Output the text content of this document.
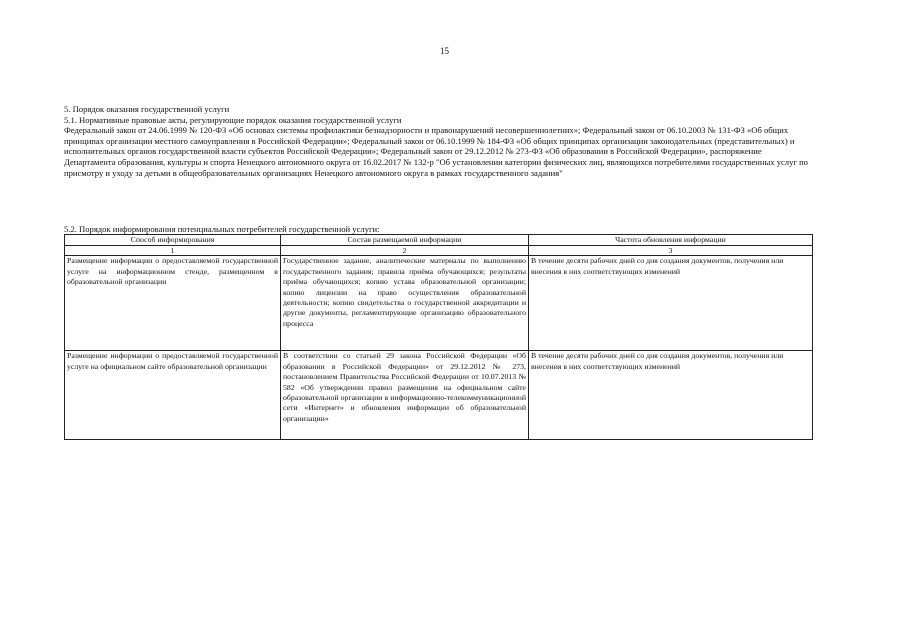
15

5. Порядок оказания государственной услуги

5.1. Нормативные правовые акты, регулирующие порядок оказания государственной услуги

Федеральный закон от 24.06.1999 № 120-ФЗ «Об основах системы профилактики безнадзорности и правонарушений несовершеннолетних»; Федеральный закон от 06.10.2003 № 131-ФЗ «Об общих принципах организации местного самоуправления в Российской Федерации»; Федеральный закон от 06.10.1999 № 184-ФЗ «Об общих принципах организации законодательных (представительных) и исполнительных органов государственной власти субъектов Российской Федерации»; Федеральный закон от 29.12.2012 № 273-ФЗ «Об образовании в Российской Федерации», распоряжение Департамента образования, культуры и спорта Ненецкого автономного округа от 16.02.2017 № 132-р "Об установлении категории физических лиц, являющихся потребителями государственных услуг по присмотру и уходу за детьми в общеобразовательных организациях Ненецкого автономного округа в рамках государственного задания"

5.2. Порядок информирования потенциальных потребителей государственной услуги:

Способ информирования	Состав размещаемой информации	Частота обновления информации
1	2	3
Размещение информации о предоставляемой государственной услуге на информационном стенде, размещенном в образовательной организации	Государственное задание, аналитические материалы по выполнению государственного задания; правила приёма обучающихся; результаты приёма обучающихся; копию устава образовательной организации; копию лицензии на право осуществления образовательной деятельности; копию свидетельства о государственной аккредитации и другие документы, регламентирующие организацию образовательного процесса	В течение десяти рабочих дней со дня создания документов, получения или внесения в них соответствующих изменений
Размещение информации о предоставляемой государственной услуге на официальном сайте образовательной организации	В соответствии со статьей 29 закона Российской Федерации «Об образовании в Российской Федерации» от 29.12.2012 № 273, постановлением Правительства Российской Федерации от 10.07.2013 № 582 «Об утверждении правил размещения на официальном сайте образовательной организации в информационно-телекоммуникационной сети «Интернет» и обновления информации об образовательной организации»	В течение десяти рабочих дней со дня создания документов, получения или внесения в них соответствующих изменений
